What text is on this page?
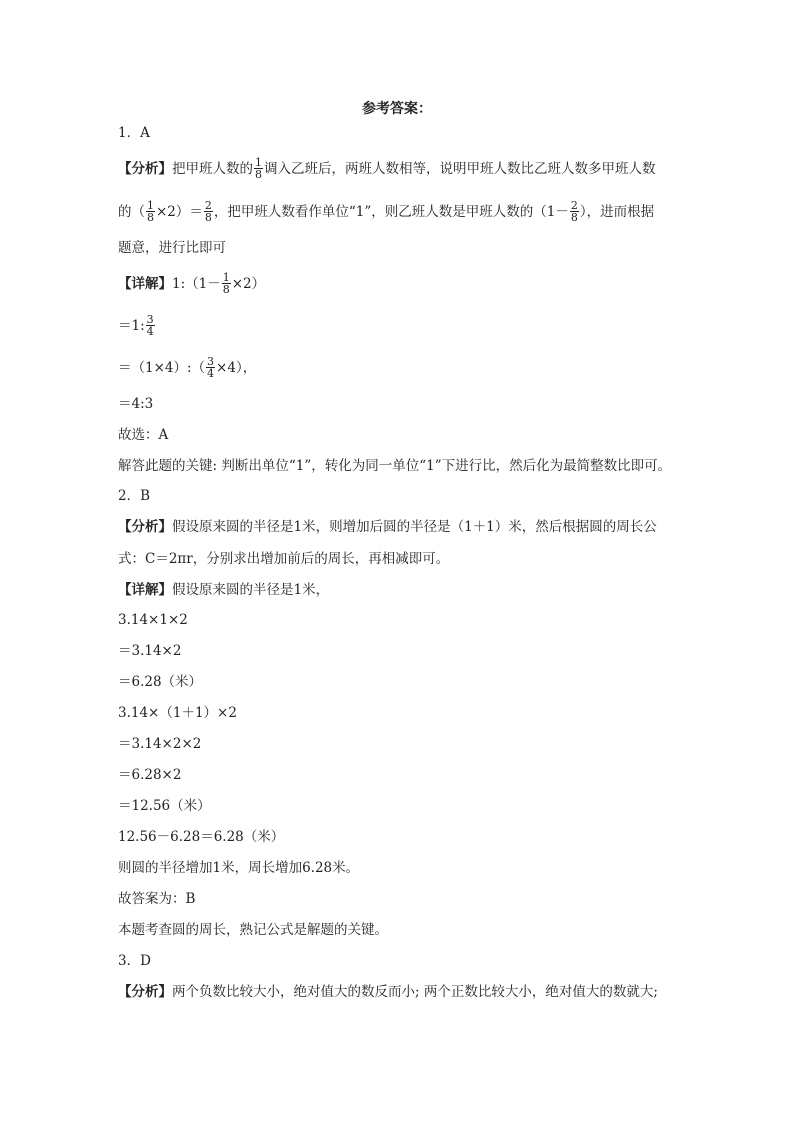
参考答案：
1．A
【分析】把甲班人数的 $\frac{1}{8}$ 调入乙班后，两班人数相等，说明甲班人数比乙班人数多甲班人数
的（ $\frac{1}{8} \times 2)= \frac{2}{8}$ ，把甲班人数看作单位“1”，则乙班人数是甲班人数的（$1- \frac{2}{8}$ ），进而根据
题意，进行比即可
【详解】1:（1－ $\frac{1}{8} \times 2$）
＝1: $\frac{3}{4}$
＝（1×4）:（ $\frac{3}{4} \times 4$），
＝4:3
故选：A
解答此题的关键: 判断出单位“1”，转化为同一单位“1”下进行比，然后化为最简整数比即可。
2．B
【分析】假设原来圆的半径是1米，则增加后圆的半径是（1＋1）米，然后根据圆的周长公
式：C＝2πr，分别求出增加前后的周长，再相减即可。
【详解】假设原来圆的半径是1米，
3.14×1×2
＝3.14×2
＝6.28（米）
3.14×（1＋1）×2
＝3.14×2×2
＝6.28×2
＝12.56（米）
12.56－6.28＝6.28（米）
则圆的半径增加1米，周长增加6.28米。
故答案为：B
本题考查圆的周长，熟记公式是解题的关键。
3．D
【分析】两个负数比较大小，绝对值大的数反而小; 两个正数比较大小，绝对值大的数就大;
